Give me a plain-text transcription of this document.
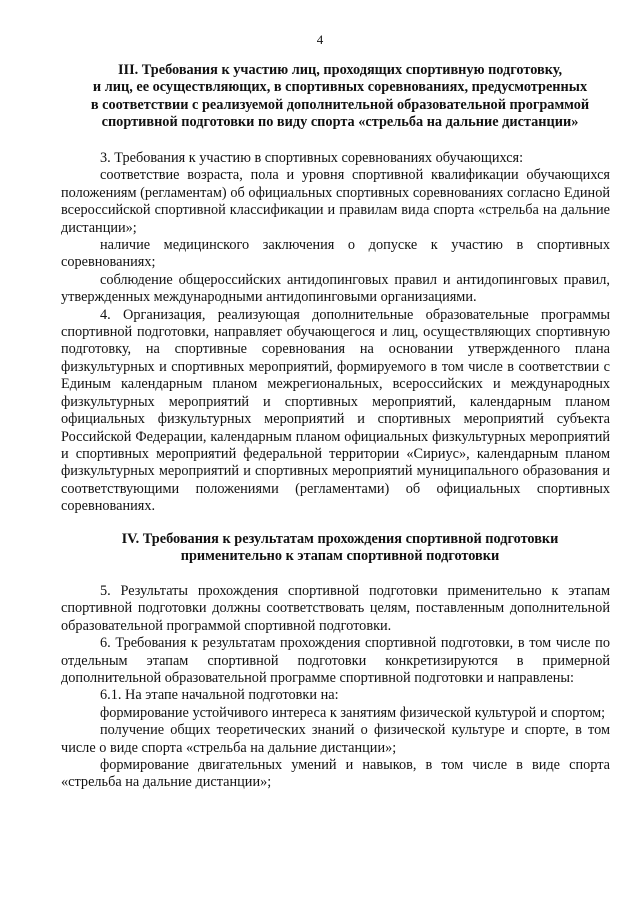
4
III. Требования к участию лиц, проходящих спортивную подготовку,
и лиц, ее осуществляющих, в спортивных соревнованиях, предусмотренных
в соответствии с реализуемой дополнительной образовательной программой
спортивной подготовки по виду спорта «стрельба на дальние дистанции»

3. Требования к участию в спортивных соревнованиях обучающихся:

соответствие возраста, пола и уровня спортивной квалификации обучающихся положениям (регламентам) об официальных спортивных соревнованиях согласно Единой всероссийской спортивной классификации и правилам вида спорта «стрельба на дальние дистанции»;

наличие медицинского заключения о допуске к участию в спортивных соревнованиях;

соблюдение общероссийских антидопинговых правил и антидопинговых правил, утвержденных международными антидопинговыми организациями.

4. Организация, реализующая дополнительные образовательные программы спортивной подготовки, направляет обучающегося и лиц, осуществляющих спортивную подготовку, на спортивные соревнования на основании утвержденного плана физкультурных и спортивных мероприятий, формируемого в том числе в соответствии с Единым календарным планом межрегиональных, всероссийских и международных физкультурных мероприятий и спортивных мероприятий, календарным планом официальных физкультурных мероприятий и спортивных мероприятий субъекта Российской Федерации, календарным планом официальных физкультурных мероприятий и спортивных мероприятий федеральной территории «Сириус», календарным планом физкультурных мероприятий и спортивных мероприятий муниципального образования и соответствующими положениями (регламентами) об официальных спортивных соревнованиях.

IV. Требования к результатам прохождения спортивной подготовки
применительно к этапам спортивной подготовки

5. Результаты прохождения спортивной подготовки применительно к этапам спортивной подготовки должны соответствовать целям, поставленным дополнительной образовательной программой спортивной подготовки.

6. Требования к результатам прохождения спортивной подготовки, в том числе по отдельным этапам спортивной подготовки конкретизируются в примерной дополнительной образовательной программе спортивной подготовки и направлены:

6.1. На этапе начальной подготовки на:

формирование устойчивого интереса к занятиям физической культурой и спортом;

получение общих теоретических знаний о физической культуре и спорте, в том числе о виде спорта «стрельба на дальние дистанции»;

формирование двигательных умений и навыков, в том числе в виде спорта «стрельба на дальние дистанции»;
